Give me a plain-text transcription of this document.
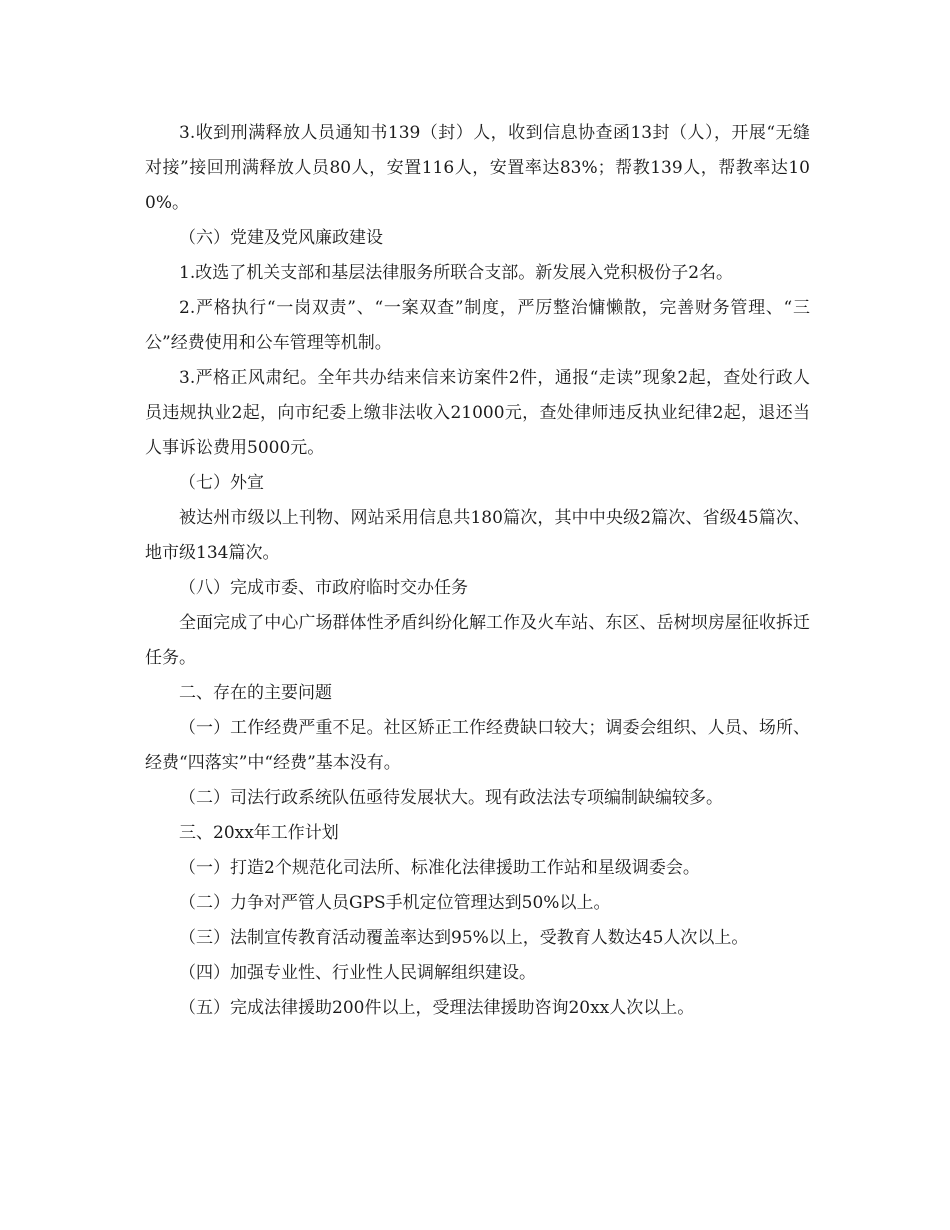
3.收到刑满释放人员通知书139（封）人，收到信息协查函13封（人），开展“无缝对接”接回刑满释放人员80人，安置116人，安置率达83%；帮教139人，帮教率达100%。

（六）党建及党风廉政建设

1.改选了机关支部和基层法律服务所联合支部。新发展入党积极份子2名。

2.严格执行“一岗双责”、“一案双查”制度，严厉整治慵懒散，完善财务管理、“三公”经费使用和公车管理等机制。

3.严格正风肃纪。全年共办结来信来访案件2件，通报“走读”现象2起，查处行政人员违规执业2起，向市纪委上缴非法收入21000元，查处律师违反执业纪律2起，退还当人事诉讼费用5000元。

（七）外宣

被达州市级以上刊物、网站采用信息共180篇次，其中中央级2篇次、省级45篇次、地市级134篇次。

（八）完成市委、市政府临时交办任务

全面完成了中心广场群体性矛盾纠纷化解工作及火车站、东区、岳树坝房屋征收拆迁任务。

二、存在的主要问题

（一）工作经费严重不足。社区矫正工作经费缺口较大；调委会组织、人员、场所、经费“四落实”中“经费”基本没有。

（二）司法行政系统队伍亟待发展状大。现有政法法专项编制缺编较多。

三、20xx年工作计划

（一）打造2个规范化司法所、标准化法律援助工作站和星级调委会。

（二）力争对严管人员GPS手机定位管理达到50%以上。

（三）法制宣传教育活动覆盖率达到95%以上，受教育人数达45人次以上。

（四）加强专业性、行业性人民调解组织建设。

（五）完成法律援助200件以上，受理法律援助咨询20xx人次以上。
